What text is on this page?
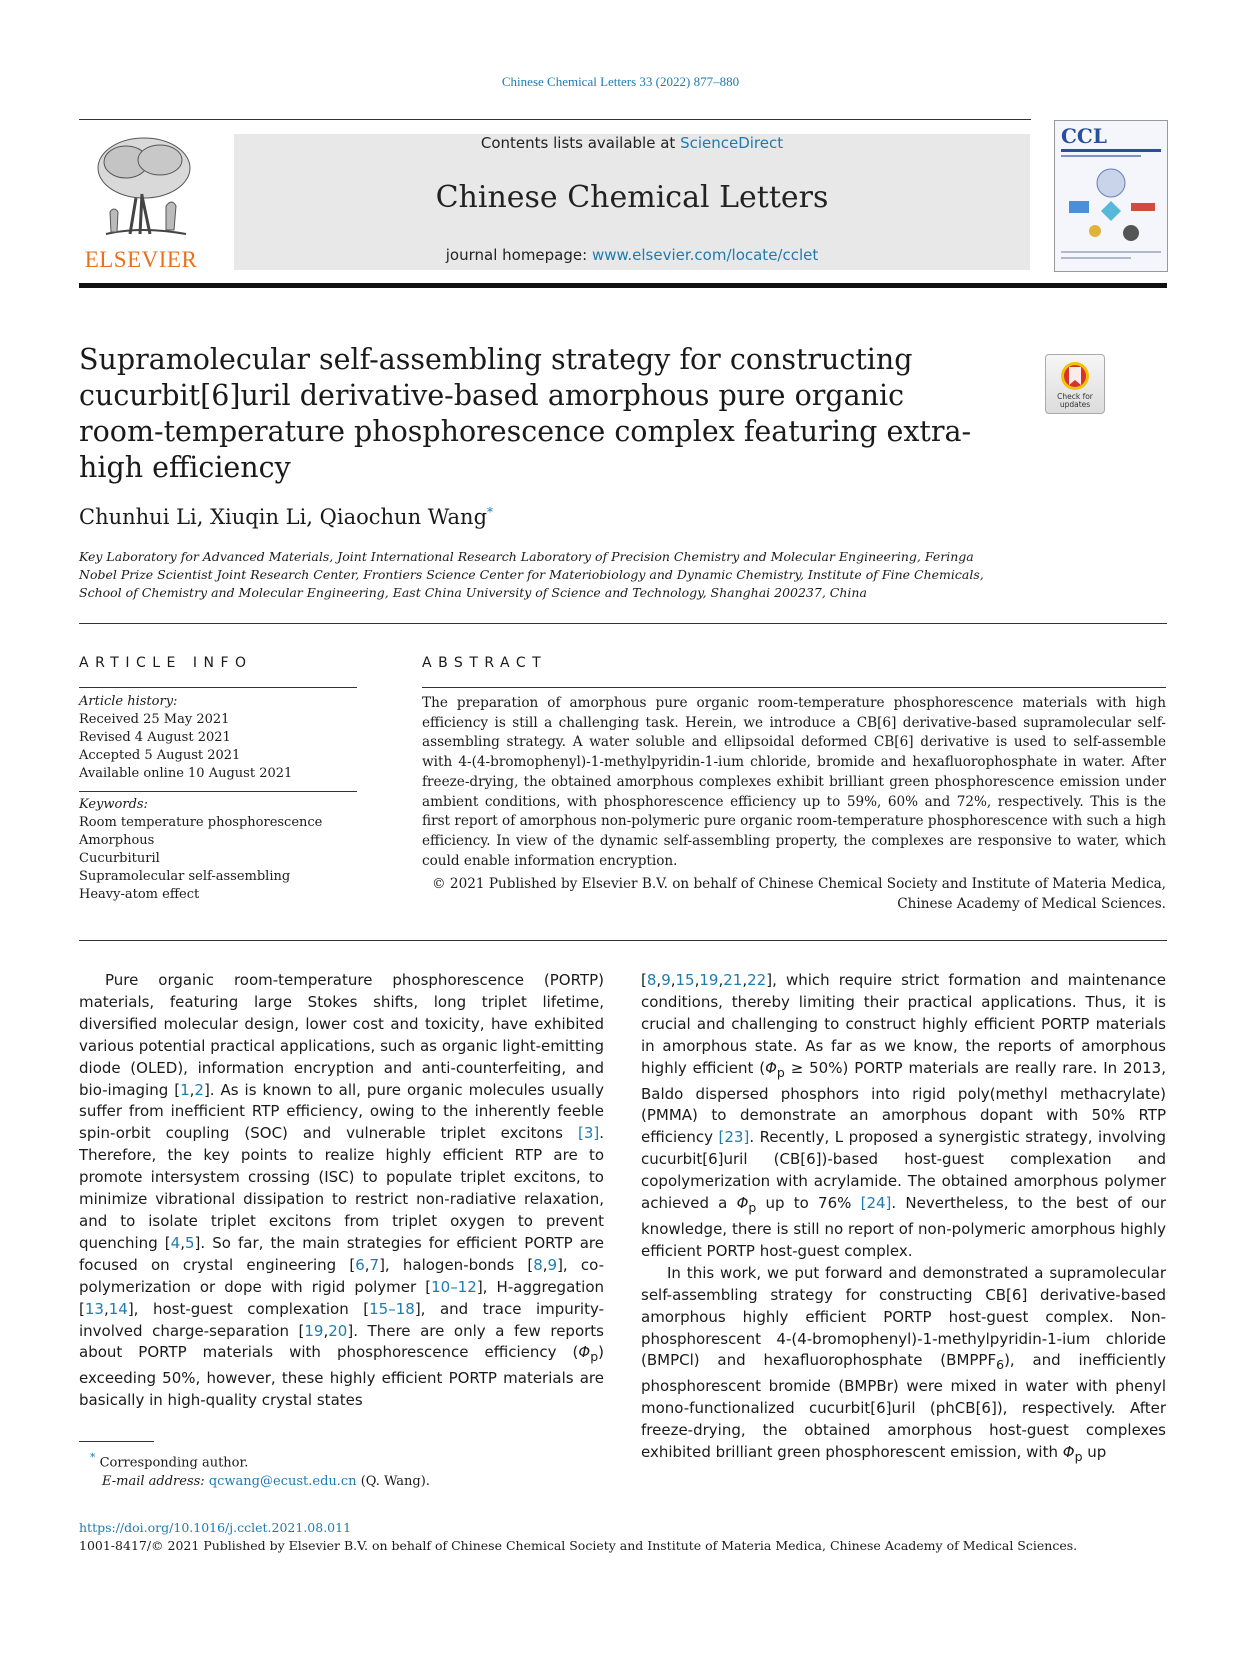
Chinese Chemical Letters 33 (2022) 877–880
ELSEVIER
Contents lists available at ScienceDirect
Chinese Chemical Letters
journal homepage: www.elsevier.com/locate/cclet
CCL
Supramolecular self-assembling strategy for constructing cucurbit[6]uril derivative-based amorphous pure organic room-temperature phosphorescence complex featuring extra-high efficiency
Check for updates

Chunhui Li, Xiuqin Li, Qiaochun Wang*

Key Laboratory for Advanced Materials, Joint International Research Laboratory of Precision Chemistry and Molecular Engineering, Feringa Nobel Prize Scientist Joint Research Center, Frontiers Science Center for Materiobiology and Dynamic Chemistry, Institute of Fine Chemicals, School of Chemistry and Molecular Engineering, East China University of Science and Technology, Shanghai 200237, China

ARTICLE INFO
Article history:
Received 25 May 2021
Revised 4 August 2021
Accepted 5 August 2021
Available online 10 August 2021
Keywords:
Room temperature phosphorescence
Amorphous
Cucurbituril
Supramolecular self-assembling
Heavy-atom effect
ABSTRACT

The preparation of amorphous pure organic room-temperature phosphorescence materials with high efficiency is still a challenging task. Herein, we introduce a CB[6] derivative-based supramolecular self-assembling strategy. A water soluble and ellipsoidal deformed CB[6] derivative is used to self-assemble with 4-(4-bromophenyl)-1-methylpyridin-1-ium chloride, bromide and hexafluorophosphate in water. After freeze-drying, the obtained amorphous complexes exhibit brilliant green phosphorescence emission under ambient conditions, with phosphorescence efficiency up to 59%, 60% and 72%, respectively. This is the first report of amorphous non-polymeric pure organic room-temperature phosphorescence with such a high efficiency. In view of the dynamic self-assembling property, the complexes are responsive to water, which could enable information encryption.

© 2021 Published by Elsevier B.V. on behalf of Chinese Chemical Society and Institute of Materia Medica, Chinese Academy of Medical Sciences.

Pure organic room-temperature phosphorescence (PORTP) materials, featuring large Stokes shifts, long triplet lifetime, diversified molecular design, lower cost and toxicity, have exhibited various potential practical applications, such as organic light-emitting diode (OLED), information encryption and anti-counterfeiting, and bio-imaging [1,2]. As is known to all, pure organic molecules usually suffer from inefficient RTP efficiency, owing to the inherently feeble spin-orbit coupling (SOC) and vulnerable triplet excitons [3]. Therefore, the key points to realize highly efficient RTP are to promote intersystem crossing (ISC) to populate triplet excitons, to minimize vibrational dissipation to restrict non-radiative relaxation, and to isolate triplet excitons from triplet oxygen to prevent quenching [4,5]. So far, the main strategies for efficient PORTP are focused on crystal engineering [6,7], halogen-bonds [8,9], co-polymerization or dope with rigid polymer [10–12], H-aggregation [13,14], host-guest complexation [15–18], and trace impurity-involved charge-separation [19,20]. There are only a few reports about PORTP materials with phosphorescence efficiency $(\Phi_p)$ exceeding 50%, however, these highly efficient PORTP materials are basically in high-quality crystal states

[8,9,15,19,21,22], which require strict formation and maintenance conditions, thereby limiting their practical applications. Thus, it is crucial and challenging to construct highly efficient PORTP materials in amorphous state. As far as we know, the reports of amorphous highly efficient $(\Phi_p \ge 50\%)$ PORTP materials are really rare. In 2013, Baldo dispersed phosphors into rigid poly(methyl methacrylate) (PMMA) to demonstrate an amorphous dopant with 50% RTP efficiency [23]. Recently, L proposed a synergistic strategy, involving cucurbit[6]uril (CB[6])-based host-guest complexation and copolymerization with acrylamide. The obtained amorphous polymer achieved a $\Phi_p$ up to 76% [24]. Nevertheless, to the best of our knowledge, there is still no report of non-polymeric amorphous highly efficient PORTP host-guest complex.

In this work, we put forward and demonstrated a supramolecular self-assembling strategy for constructing CB[6] derivative-based amorphous highly efficient PORTP host-guest complex. Non-phosphorescent 4-(4-bromophenyl)-1-methylpyridin-1-ium chloride (BMPCl) and hexafluorophosphate $(BMPPF_6)$, and inefficiently phosphorescent bromide (BMPBr) were mixed in water with phenyl mono-functionalized cucurbit[6]uril (phCB[6]), respectively. After freeze-drying, the obtained amorphous host-guest complexes exhibited brilliant green phosphorescent emission, with $\Phi_p$ up

* Corresponding author.
E-mail address: qcwang@ecust.edu.cn (Q. Wang).
https://doi.org/10.1016/j.cclet.2021.08.011
1001-8417/© 2021 Published by Elsevier B.V. on behalf of Chinese Chemical Society and Institute of Materia Medica, Chinese Academy of Medical Sciences.
